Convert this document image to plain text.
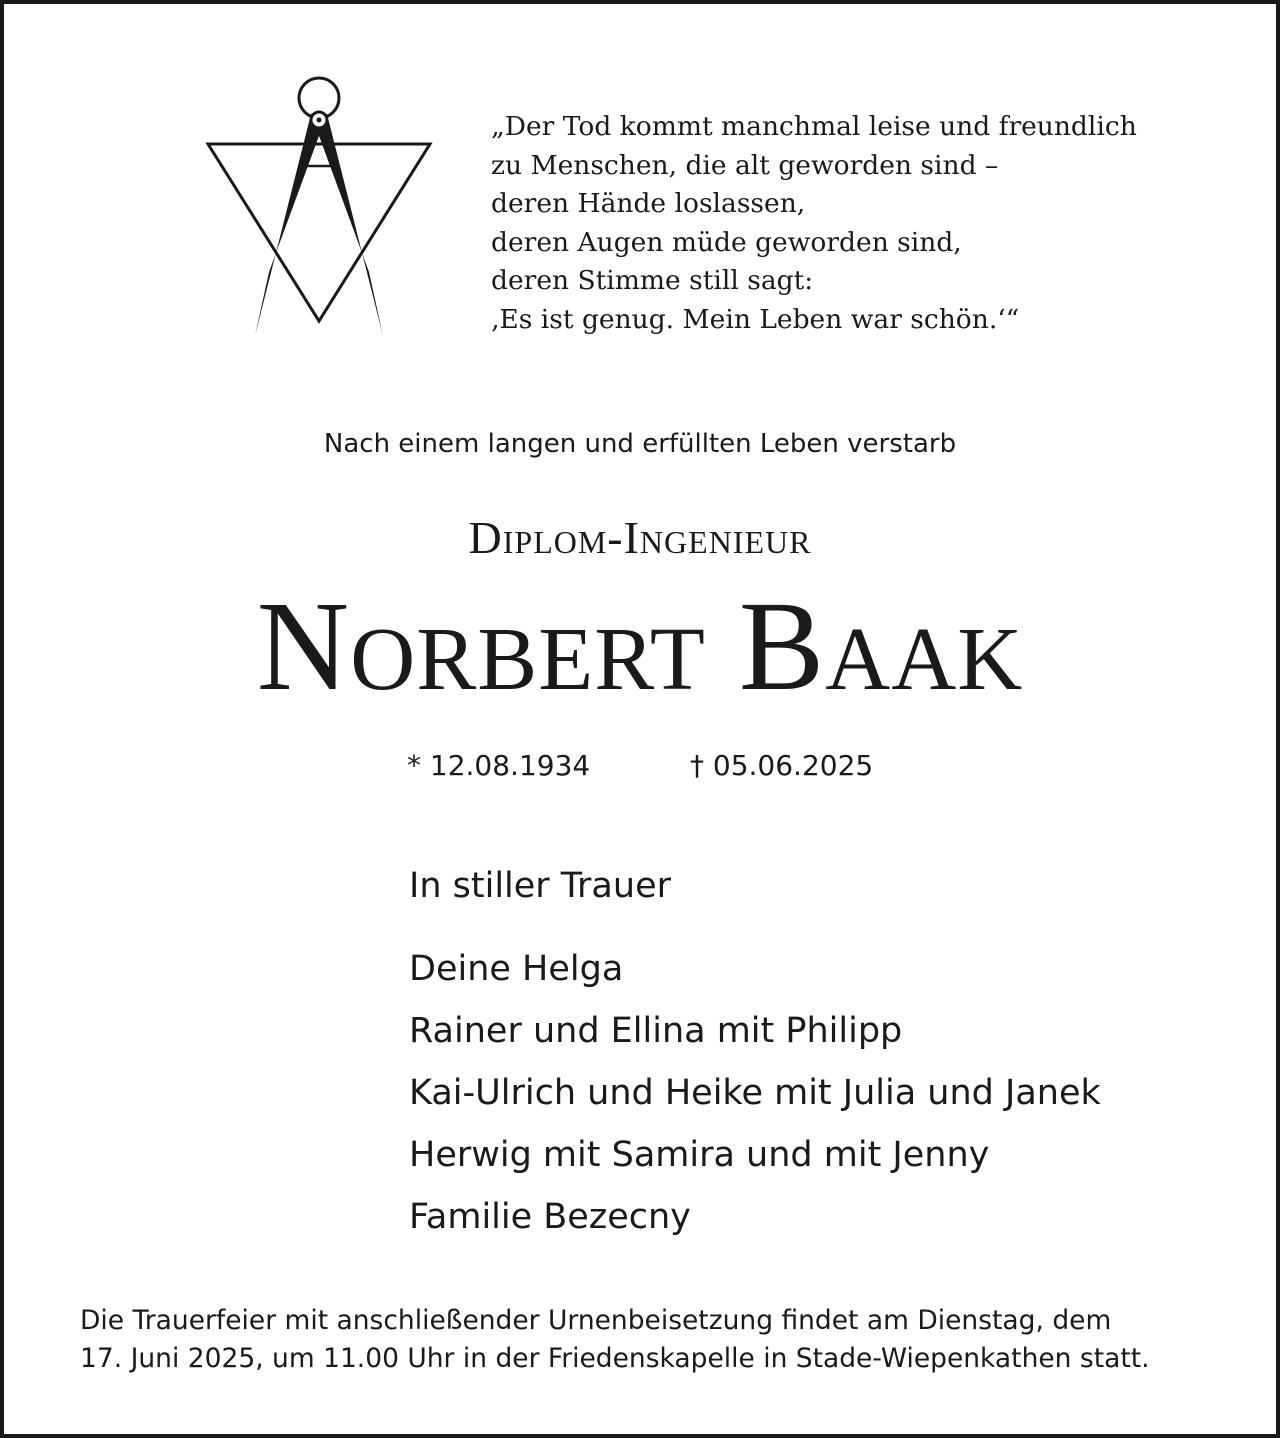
„Der Tod kommt manchmal leise und freundlich
zu Menschen, die alt geworden sind –
deren Hände loslassen,
deren Augen müde geworden sind,
deren Stimme still sagt:
‚Es ist genug. Mein Leben war schön.‘“
Nach einem langen und erfüllten Leben verstarb
Diplom-Ingenieur
Norbert Baak
* 12.08.1934	† 05.06.2025
In stiller Trauer
Deine Helga
Rainer und Ellina mit Philipp
Kai-Ulrich und Heike mit Julia und Janek
Herwig mit Samira und mit Jenny
Familie Bezecny
Die Trauerfeier mit anschließender Urnenbeisetzung findet am Dienstag, dem
17. Juni 2025, um 11.00 Uhr in der Friedenskapelle in Stade-Wiepenkathen statt.
